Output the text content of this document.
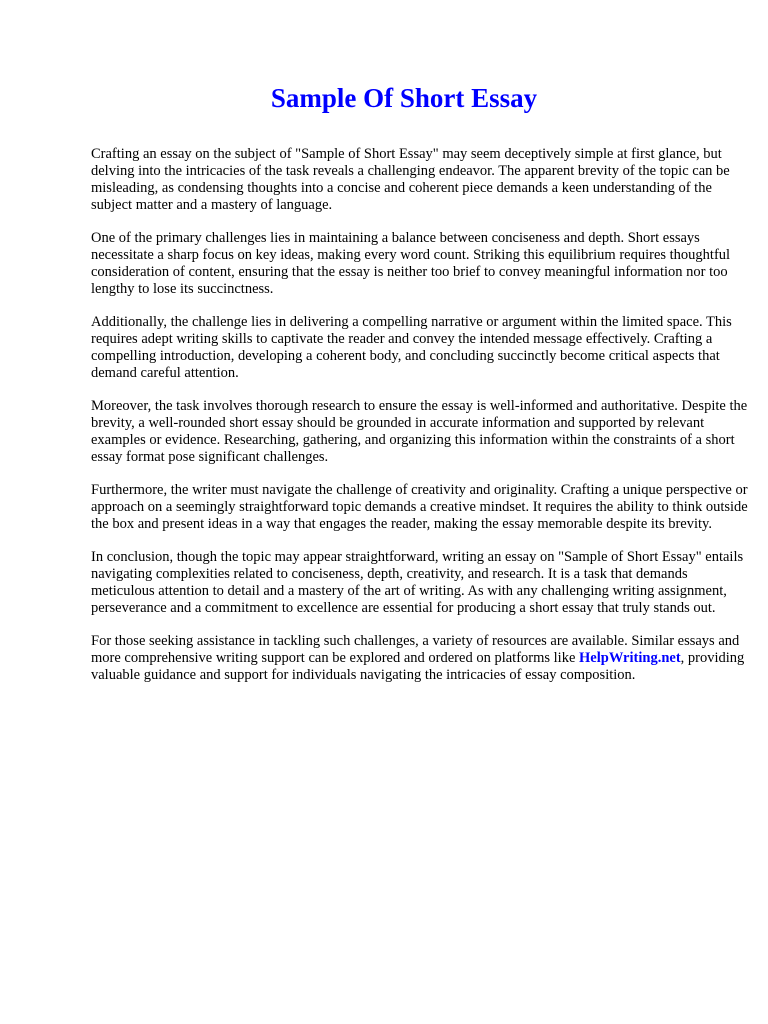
Sample Of Short Essay

Crafting an essay on the subject of "Sample of Short Essay" may seem deceptively simple at first glance, but delving into the intricacies of the task reveals a challenging endeavor. The apparent brevity of the topic can be misleading, as condensing thoughts into a concise and coherent piece demands a keen understanding of the subject matter and a mastery of language.

One of the primary challenges lies in maintaining a balance between conciseness and depth. Short essays necessitate a sharp focus on key ideas, making every word count. Striking this equilibrium requires thoughtful consideration of content, ensuring that the essay is neither too brief to convey meaningful information nor too lengthy to lose its succinctness.

Additionally, the challenge lies in delivering a compelling narrative or argument within the limited space. This requires adept writing skills to captivate the reader and convey the intended message effectively. Crafting a compelling introduction, developing a coherent body, and concluding succinctly become critical aspects that demand careful attention.

Moreover, the task involves thorough research to ensure the essay is well-informed and authoritative. Despite the brevity, a well-rounded short essay should be grounded in accurate information and supported by relevant examples or evidence. Researching, gathering, and organizing this information within the constraints of a short essay format pose significant challenges.

Furthermore, the writer must navigate the challenge of creativity and originality. Crafting a unique perspective or approach on a seemingly straightforward topic demands a creative mindset. It requires the ability to think outside the box and present ideas in a way that engages the reader, making the essay memorable despite its brevity.

In conclusion, though the topic may appear straightforward, writing an essay on "Sample of Short Essay" entails navigating complexities related to conciseness, depth, creativity, and research. It is a task that demands meticulous attention to detail and a mastery of the art of writing. As with any challenging writing assignment, perseverance and a commitment to excellence are essential for producing a short essay that truly stands out.

For those seeking assistance in tackling such challenges, a variety of resources are available. Similar essays and more comprehensive writing support can be explored and ordered on platforms like HelpWriting.net, providing valuable guidance and support for individuals navigating the intricacies of essay composition.
